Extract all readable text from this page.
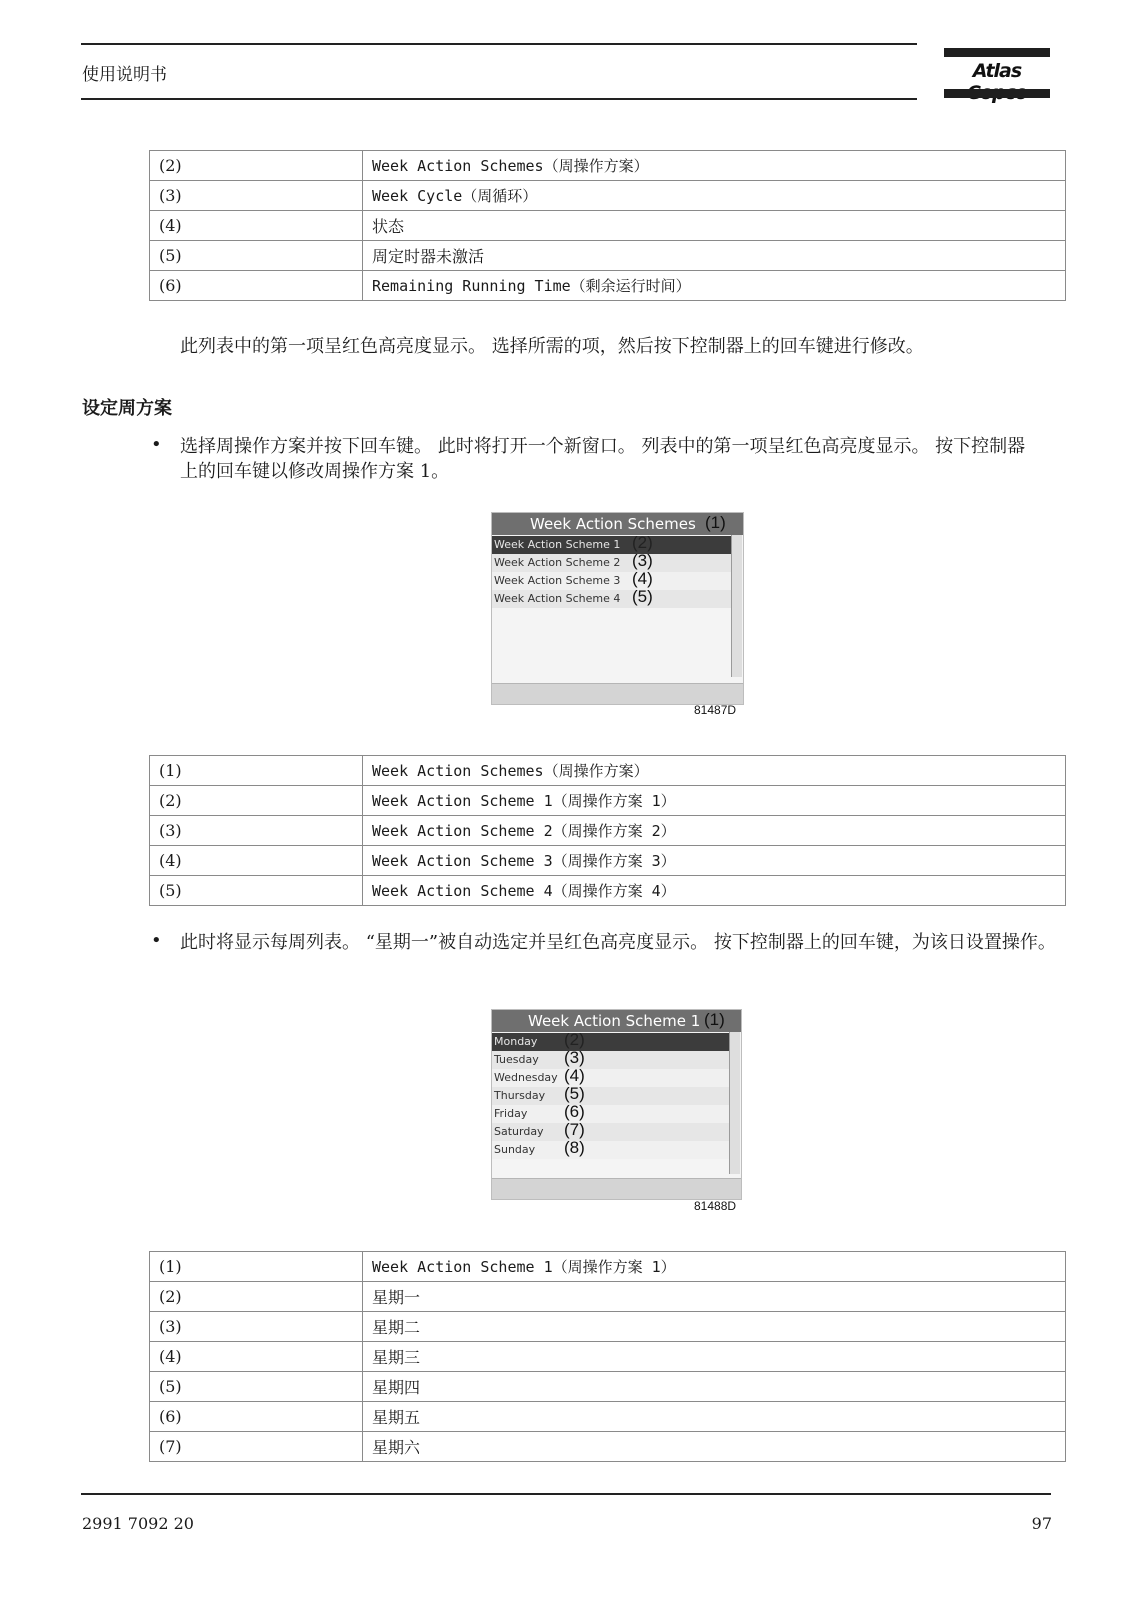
使用说明书	Atlas
(2)	Week Action Schemes（周操作方案）
(3)	Week Cycle（周循环）
(4)	状态
(5)	周定时器未激活
(6)	Remaining Running Time（剩余运行时间）
此列表中的第一项呈红色高亮度显示。 选择所需的项，然后按下控制器上的回车键进行修改。
设定周方案
• 选择周操作方案并按下回车键。 此时将打开一个新窗口。 列表中的第一项呈红色高亮度显示。 按下控制器上的回车键以修改周操作方案 1。
Week Action Schemes (1)
Week Action Scheme 1 (2)
Week Action Scheme 2 (3)
Week Action Scheme 3 (4)
Week Action Scheme 4 (5)
81487D
(1)	Week Action Schemes（周操作方案）
(2)	Week Action Scheme 1（周操作方案 1）
(3)	Week Action Scheme 2（周操作方案 2）
(4)	Week Action Scheme 3（周操作方案 3）
(5)	Week Action Scheme 4（周操作方案 4）
• 此时将显示每周列表。 “星期一”被自动选定并呈红色高亮度显示。 按下控制器上的回车键，为该日设置操作。
Week Action Scheme 1 (1)
Monday	(2)
Tuesday	(3)
Wednesday (4)
Thursday	(5)
Friday	(6)
Saturday	(7)
Sunday	(8)
81488D
(1)	Week Action Scheme 1（周操作方案 1）
(2)	星期一
(3)	星期二
(4)	星期三
(5)	星期四
(6)	星期五
(7)	星期六
2991 7092 20	97
